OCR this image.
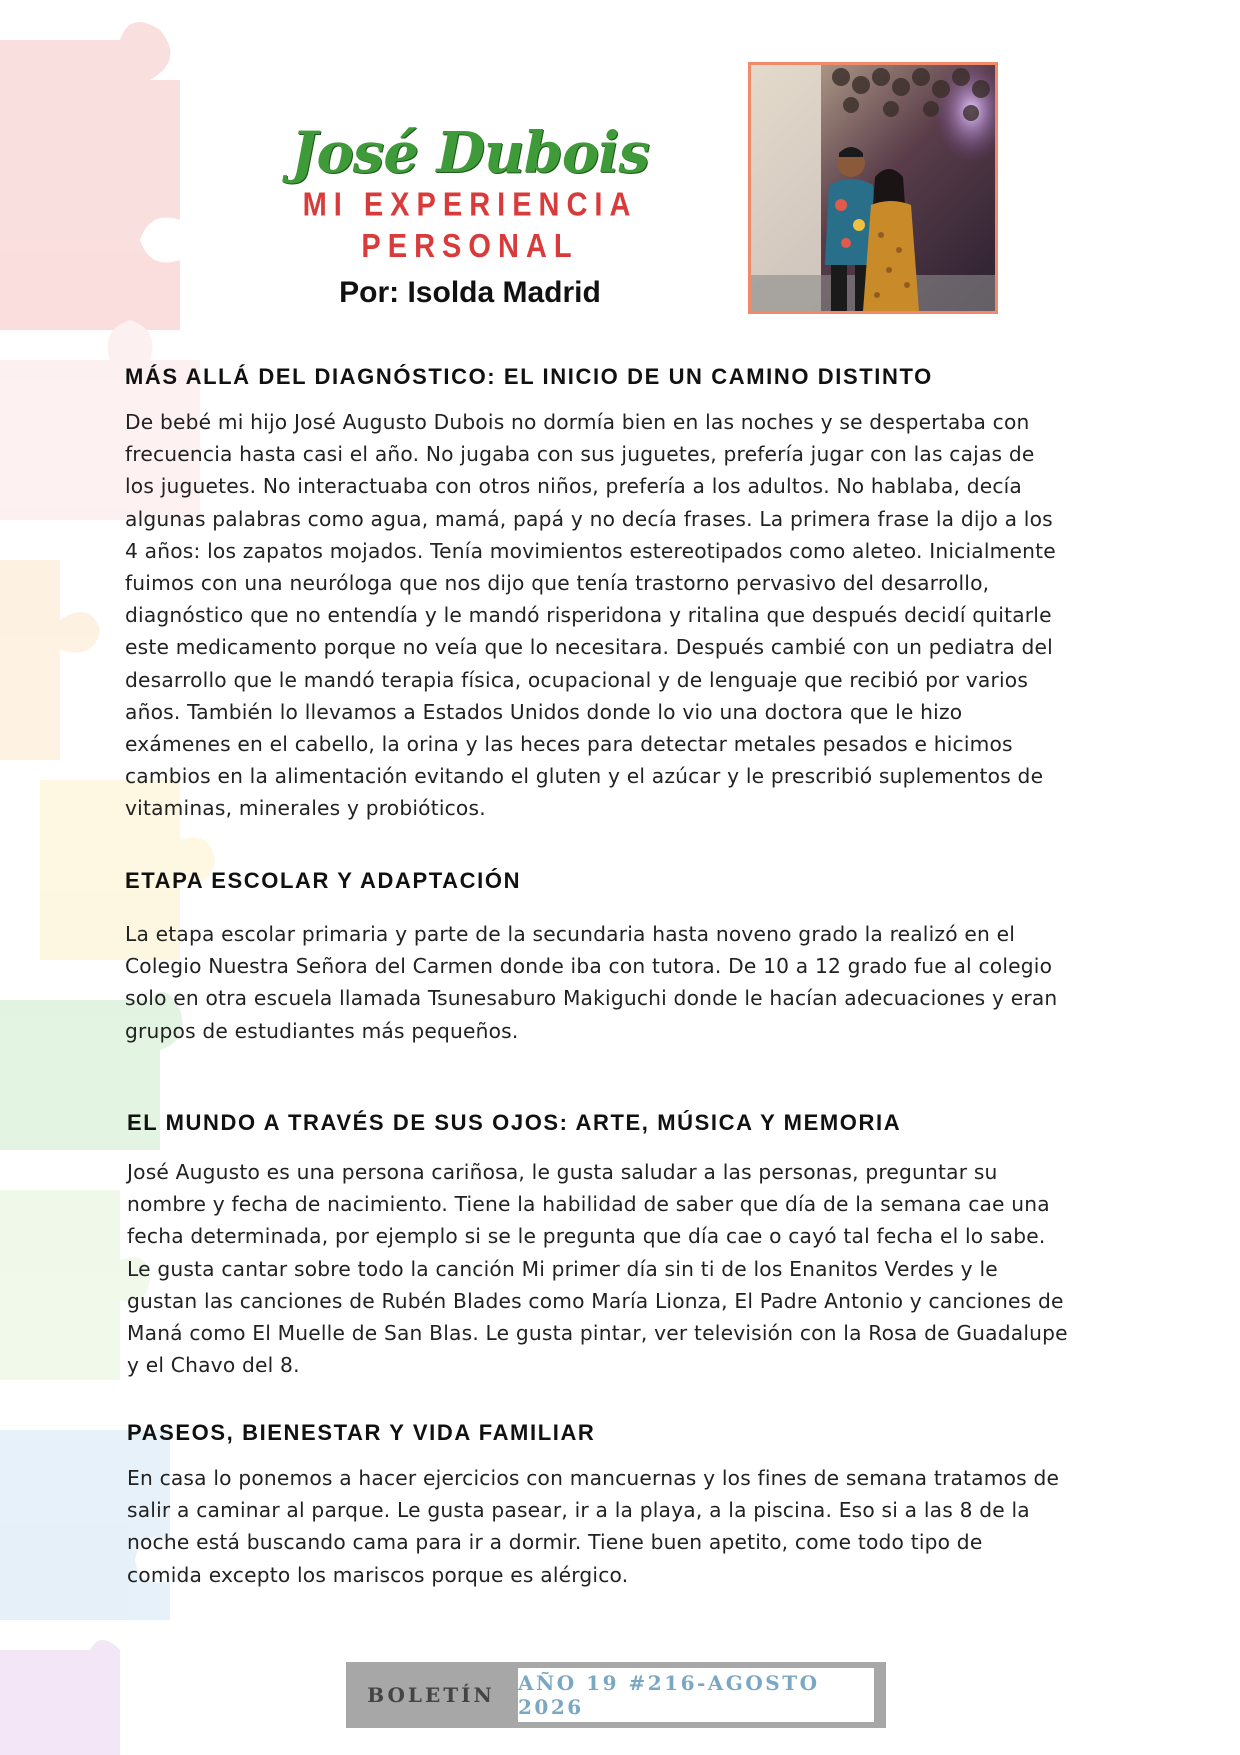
José Dubois
MI EXPERIENCIA PERSONAL
Por: Isolda Madrid
MÁS ALLÁ DEL DIAGNÓSTICO: EL INICIO DE UN CAMINO DISTINTO

De bebé mi hijo José Augusto Dubois no dormía bien en las noches y se despertaba con
frecuencia hasta casi el año. No jugaba con sus juguetes, prefería jugar con las cajas de
los juguetes. No interactuaba con otros niños, prefería a los adultos. No hablaba, decía
algunas palabras como agua, mamá, papá y no decía frases. La primera frase la dijo a los
4 años: los zapatos mojados. Tenía movimientos estereotipados como aleteo. Inicialmente
fuimos con una neuróloga que nos dijo que tenía trastorno pervasivo del desarrollo,
diagnóstico que no entendía y le mandó risperidona y ritalina que después decidí quitarle
este medicamento porque no veía que lo necesitara. Después cambié con un pediatra del
desarrollo que le mandó terapia física, ocupacional y de lenguaje que recibió por varios
años. También lo llevamos a Estados Unidos donde lo vio una doctora que le hizo
exámenes en el cabello, la orina y las heces para detectar metales pesados e hicimos
cambios en la alimentación evitando el gluten y el azúcar y le prescribió suplementos de
vitaminas, minerales y probióticos.

ETAPA ESCOLAR Y ADAPTACIÓN

La etapa escolar primaria y parte de la secundaria hasta noveno grado la realizó en el
Colegio Nuestra Señora del Carmen donde iba con tutora. De 10 a 12 grado fue al colegio
solo en otra escuela llamada Tsunesaburo Makiguchi donde le hacían adecuaciones y eran
grupos de estudiantes más pequeños.

EL MUNDO A TRAVÉS DE SUS OJOS: ARTE, MÚSICA Y MEMORIA

José Augusto es una persona cariñosa, le gusta saludar a las personas, preguntar su
nombre y fecha de nacimiento. Tiene la habilidad de saber que día de la semana cae una
fecha determinada, por ejemplo si se le pregunta que día cae o cayó tal fecha el lo sabe.
Le gusta cantar sobre todo la canción Mi primer día sin ti de los Enanitos Verdes y le
gustan las canciones de Rubén Blades como María Lionza, El Padre Antonio y canciones de
Maná como El Muelle de San Blas. Le gusta pintar, ver televisión con la Rosa de Guadalupe
y el Chavo del 8.

PASEOS, BIENESTAR Y VIDA FAMILIAR

En casa lo ponemos a hacer ejercicios con mancuernas y los fines de semana tratamos de
salir a caminar al parque. Le gusta pasear, ir a la playa, a la piscina. Eso si a las 8 de la
noche está buscando cama para ir a dormir. Tiene buen apetito, come todo tipo de
comida excepto los mariscos porque es alérgico.

BOLETÍN	AÑO 19 #216-AGOSTO 2026
